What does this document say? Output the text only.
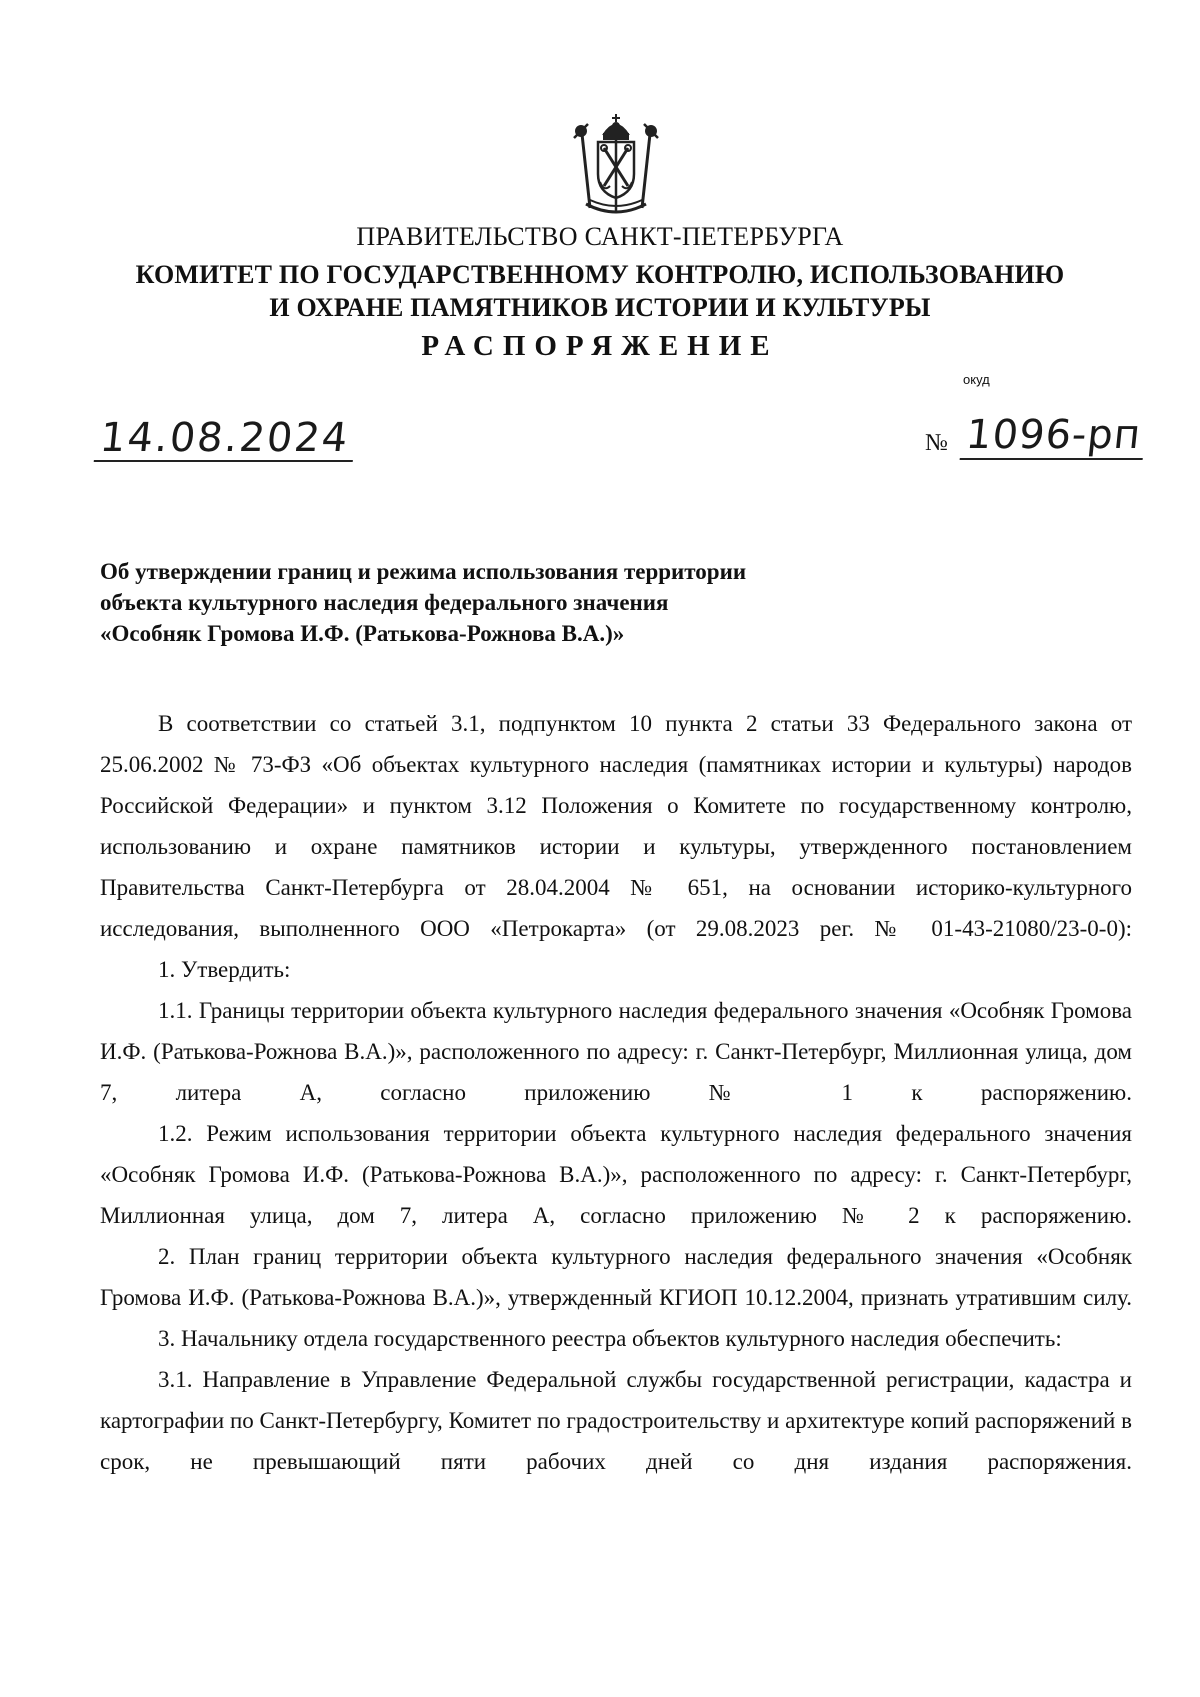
ПРАВИТЕЛЬСТВО САНКТ-ПЕТЕРБУРГА
КОМИТЕТ ПО ГОСУДАРСТВЕННОМУ КОНТРОЛЮ, ИСПОЛЬЗОВАНИЮ
И ОХРАНЕ ПАМЯТНИКОВ ИСТОРИИ И КУЛЬТУРЫ
РАСПОРЯЖЕНИЕ
окуд
14.08.2024	№ 1096-рп
Об утверждении границ и режима использования территории
объекта культурного наследия федерального значения
«Особняк Громова И.Ф. (Ратькова-Рожнова В.А.)»

В соответствии со статьей 3.1, подпунктом 10 пункта 2 статьи 33 Федерального закона от 25.06.2002 № 73-ФЗ «Об объектах культурного наследия (памятниках истории и культуры) народов Российской Федерации» и пунктом 3.12 Положения о Комитете по государственному контролю, использованию и охране памятников истории и культуры, утвержденного постановлением Правительства Санкт-Петербурга от 28.04.2004 № 651, на основании историко-культурного исследования, выполненного ООО «Петрокарта» (от 29.08.2023 рег. № 01-43-21080/23-0-0):

1. Утвердить:

1.1. Границы территории объекта культурного наследия федерального значения «Особняк Громова И.Ф. (Ратькова-Рожнова В.А.)», расположенного по адресу: г. Санкт-Петербург, Миллионная улица, дом 7, литера А, согласно приложению № 1 к распоряжению.

1.2. Режим использования территории объекта культурного наследия федерального значения «Особняк Громова И.Ф. (Ратькова-Рожнова В.А.)», расположенного по адресу: г. Санкт-Петербург, Миллионная улица, дом 7, литера А, согласно приложению № 2 к распоряжению.

2. План границ территории объекта культурного наследия федерального значения «Особняк Громова И.Ф. (Ратькова-Рожнова В.А.)», утвержденный КГИОП 10.12.2004, признать утратившим силу.

3. Начальнику отдела государственного реестра объектов культурного наследия обеспечить:

3.1. Направление в Управление Федеральной службы государственной регистрации, кадастра и картографии по Санкт-Петербургу, Комитет по градостроительству и архитектуре копий распоряжений в срок, не превышающий пяти рабочих дней со дня издания распоряжения.
